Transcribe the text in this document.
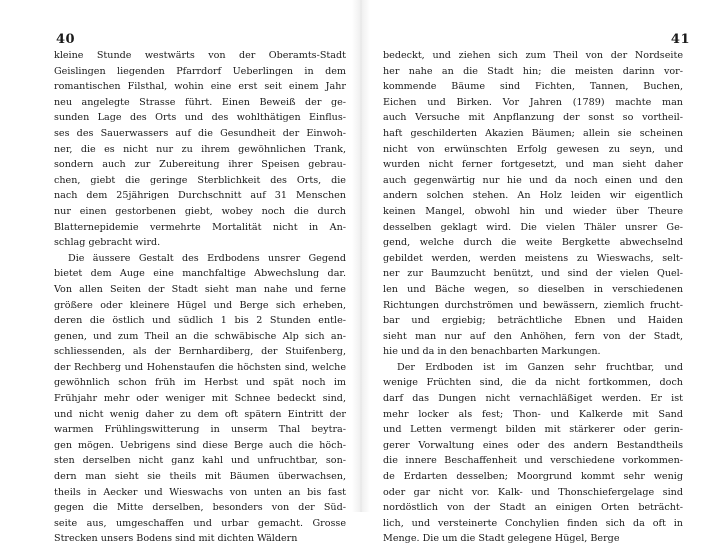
40
kleine Stunde westwärts von der Oberamts-Stadt
Geislingen liegenden Pfarrdorf Ueberlingen in dem
romantischen Filsthal, wohin eine erst seit einem Jahr
neu angelegte Strasse führt. Einen Beweiß der ge-
sunden Lage des Orts und des wohlthätigen Einflus-
ses des Sauerwassers auf die Gesundheit der Einwoh-
ner, die es nicht nur zu ihrem gewöhnlichen Trank,
sondern auch zur Zubereitung ihrer Speisen gebrau-
chen, giebt die geringe Sterblichkeit des Orts, die
nach dem 25jährigen Durchschnitt auf 31 Menschen
nur einen gestorbenen giebt, wobey noch die durch
Blatternepidemie vermehrte Mortalität nicht in An-
schlag gebracht wird.
Die äussere Gestalt des Erdbodens unsrer Gegend
bietet dem Auge eine manchfaltige Abwechslung dar.
Von allen Seiten der Stadt sieht man nahe und ferne
größere oder kleinere Hügel und Berge sich erheben,
deren die östlich und südlich 1 bis 2 Stunden entle-
genen, und zum Theil an die schwäbische Alp sich an-
schliessenden, als der Bernhardiberg, der Stuifenberg,
der Rechberg und Hohenstaufen die höchsten sind, welche
gewöhnlich schon früh im Herbst und spät noch im
Frühjahr mehr oder weniger mit Schnee bedeckt sind,
und nicht wenig daher zu dem oft spätern Eintritt der
warmen Frühlingswitterung in unserm Thal beytra-
gen mögen. Uebrigens sind diese Berge auch die höch-
sten derselben nicht ganz kahl und unfruchtbar, son-
dern man sieht sie theils mit Bäumen überwachsen,
theils in Aecker und Wieswachs von unten an bis fast
gegen die Mitte derselben, besonders von der Süd-
seite aus, umgeschaffen und urbar gemacht. Grosse
Strecken unsers Bodens sind mit dichten Wäldern
41
bedeckt, und ziehen sich zum Theil von der Nordseite
her nahe an die Stadt hin; die meisten darinn vor-
kommende Bäume sind Fichten, Tannen, Buchen,
Eichen und Birken. Vor Jahren (1789) machte man
auch Versuche mit Anpflanzung der sonst so vortheil-
haft geschilderten Akazien Bäumen; allein sie scheinen
nicht von erwünschten Erfolg gewesen zu seyn, und
wurden nicht ferner fortgesetzt, und man sieht daher
auch gegenwärtig nur hie und da noch einen und den
andern solchen stehen. An Holz leiden wir eigentlich
keinen Mangel, obwohl hin und wieder über Theure
desselben geklagt wird. Die vielen Thäler unsrer Ge-
gend, welche durch die weite Bergkette abwechselnd
gebildet werden, werden meistens zu Wieswachs, selt-
ner zur Baumzucht benützt, und sind der vielen Quel-
len und Bäche wegen, so dieselben in verschiedenen
Richtungen durchströmen und bewässern, ziemlich frucht-
bar und ergiebig; beträchtliche Ebnen und Haiden
sieht man nur auf den Anhöhen, fern von der Stadt,
hie und da in den benachbarten Markungen.
Der Erdboden ist im Ganzen sehr fruchtbar, und
wenige Früchten sind, die da nicht fortkommen, doch
darf das Dungen nicht vernachläßiget werden. Er ist
mehr locker als fest; Thon- und Kalkerde mit Sand
und Letten vermengt bilden mit stärkerer oder gerin-
gerer Vorwaltung eines oder des andern Bestandtheils
die innere Beschaffenheit und verschiedene vorkommen-
de Erdarten desselben; Moorgrund kommt sehr wenig
oder gar nicht vor. Kalk- und Thonschiefergelage sind
nordöstlich von der Stadt an einigen Orten beträcht-
lich, und versteinerte Conchylien finden sich da oft in
Menge. Die um die Stadt gelegene Hügel, Berge
